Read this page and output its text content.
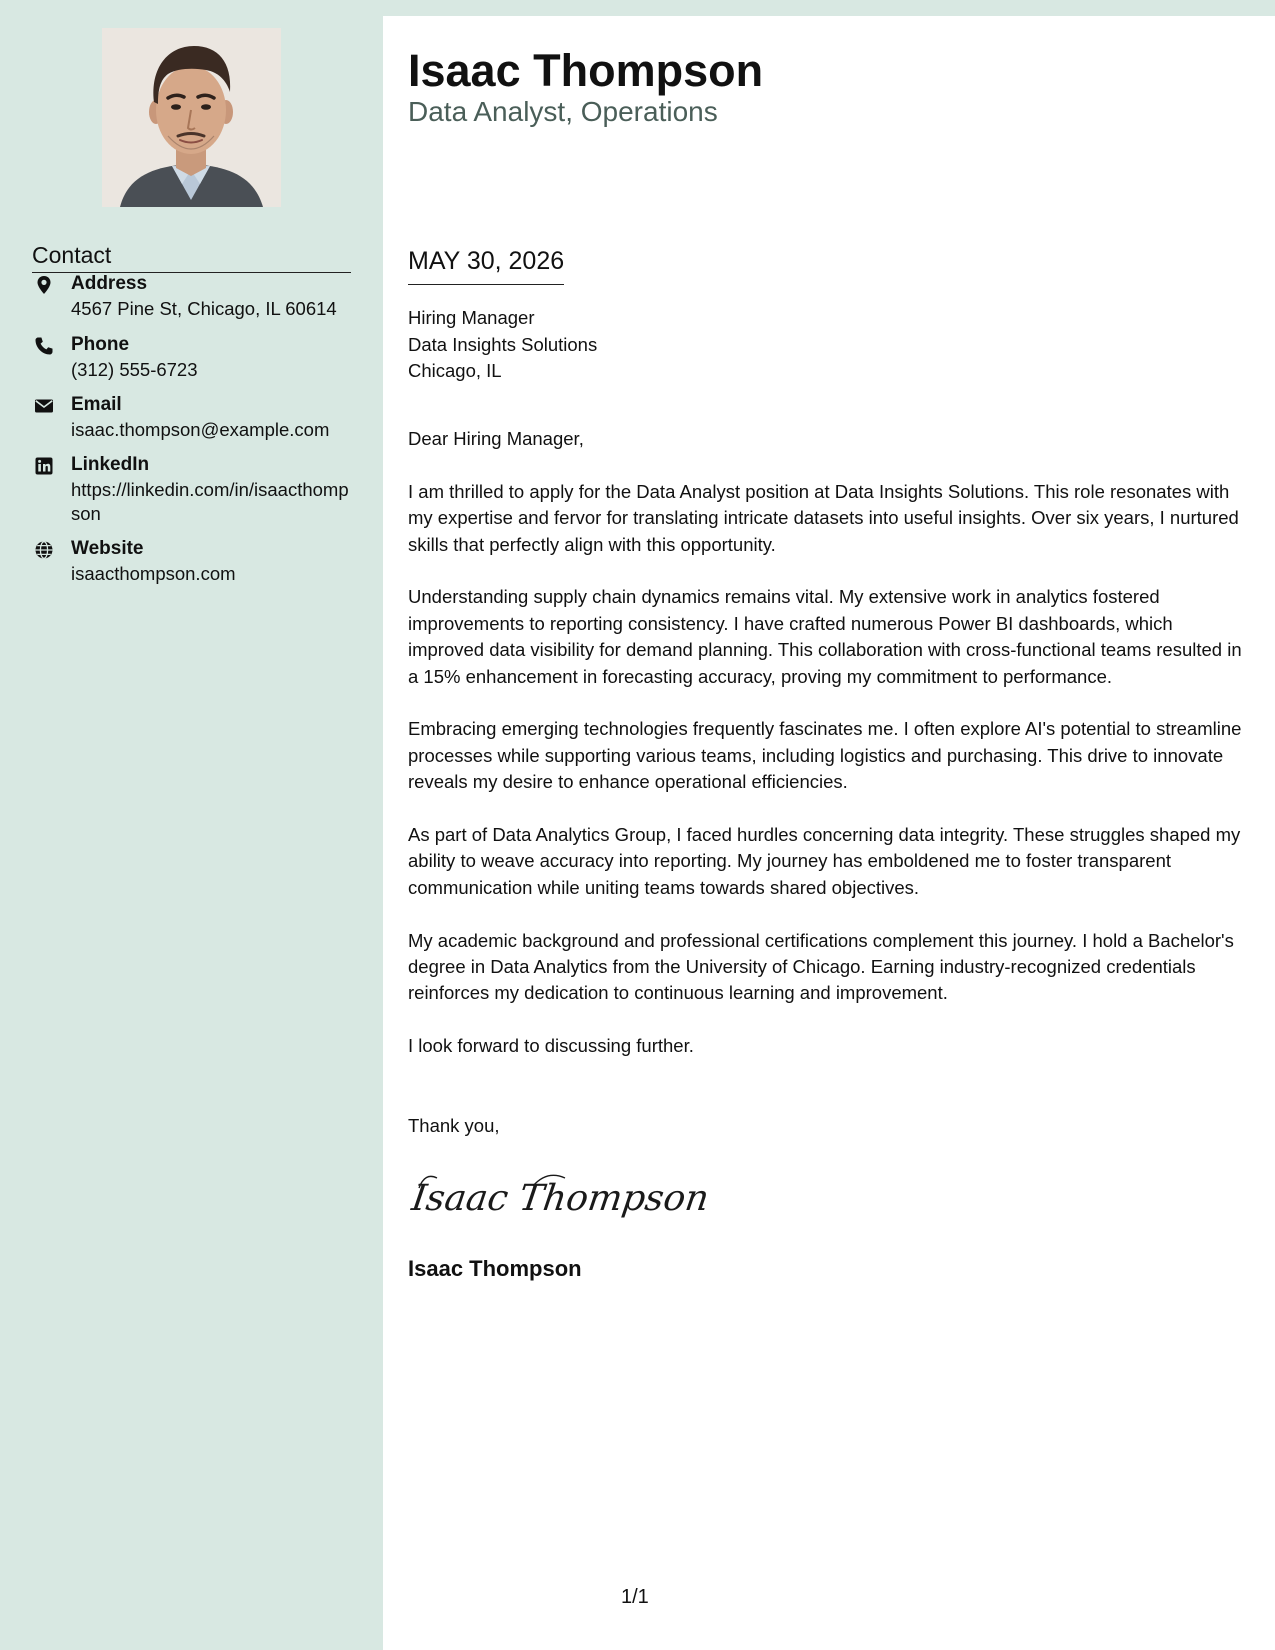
Contact
Address
4567 Pine St, Chicago, IL 60614
Phone
(312) 555-6723
Email
isaac.thompson@example.com
LinkedIn
https://linkedin.com/in/isaacthompson
Website
isaacthompson.com
Isaac Thompson
Data Analyst, Operations
MAY 30, 2026
Hiring Manager
Data Insights Solutions
Chicago, IL

Dear Hiring Manager,

I am thrilled to apply for the Data Analyst position at Data Insights Solutions. This role resonates with my expertise and fervor for translating intricate datasets into useful insights. Over six years, I nurtured skills that perfectly align with this opportunity.

Understanding supply chain dynamics remains vital. My extensive work in analytics fostered improvements to reporting consistency. I have crafted numerous Power BI dashboards, which improved data visibility for demand planning. This collaboration with cross-functional teams resulted in a 15% enhancement in forecasting accuracy, proving my commitment to performance.

Embracing emerging technologies frequently fascinates me. I often explore AI's potential to streamline processes while supporting various teams, including logistics and purchasing. This drive to innovate reveals my desire to enhance operational efficiencies.

As part of Data Analytics Group, I faced hurdles concerning data integrity. These struggles shaped my ability to weave accuracy into reporting. My journey has emboldened me to foster transparent communication while uniting teams towards shared objectives.

My academic background and professional certifications complement this journey. I hold a Bachelor's degree in Data Analytics from the University of Chicago. Earning industry-recognized credentials reinforces my dedication to continuous learning and improvement.

I look forward to discussing further.

Thank you,
Isaac Thompson
Isaac Thompson
1/1
